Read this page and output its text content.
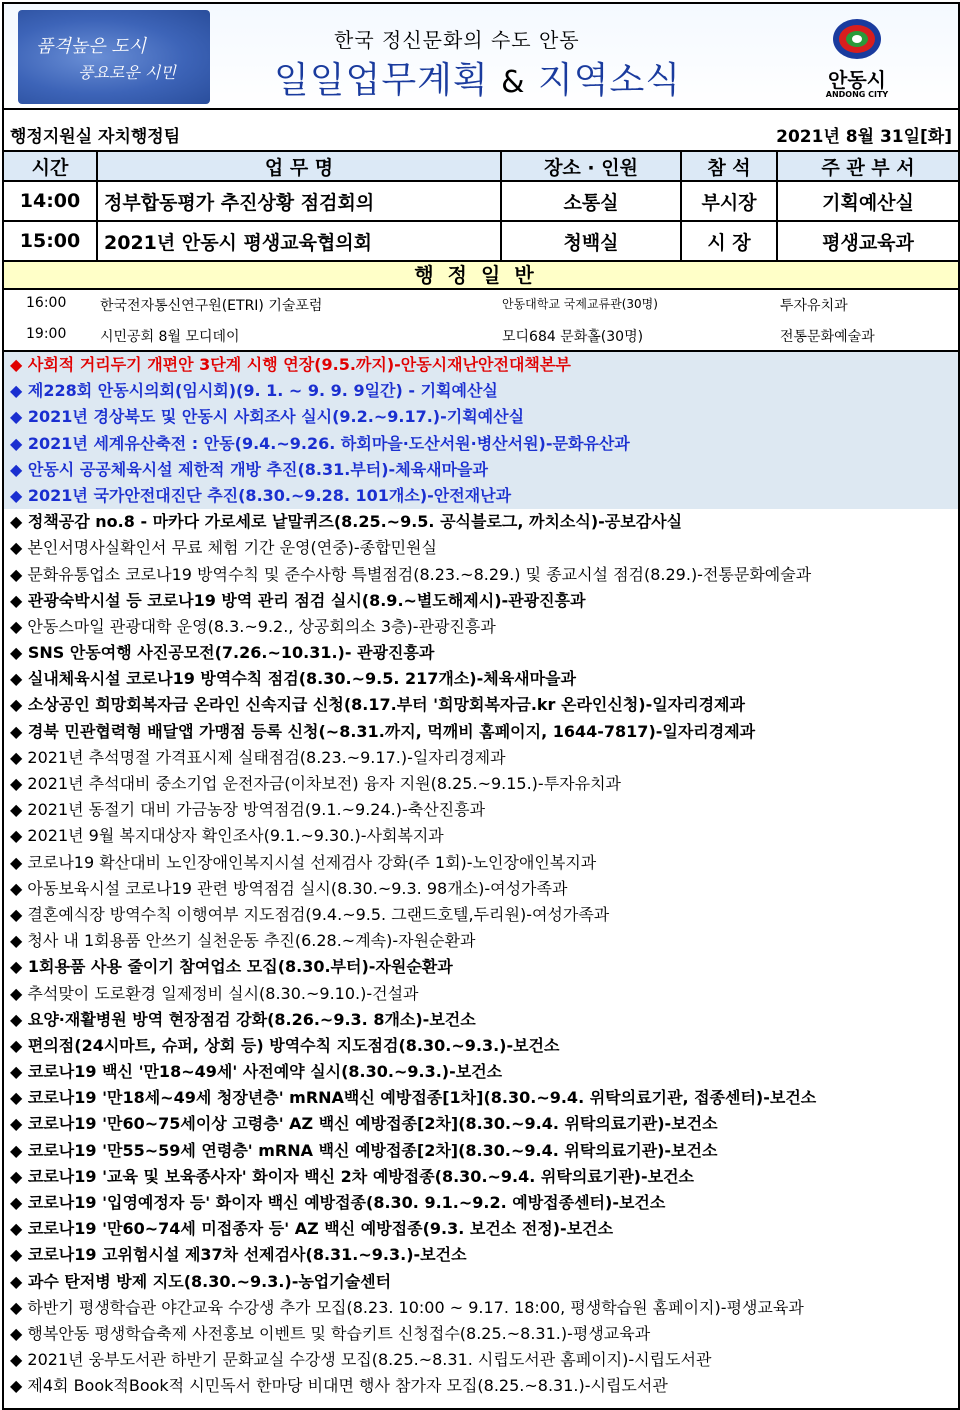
품격높은 도시
풍요로운 시민
한국 정신문화의 수도 안동
일일업무계획 & 지역소식	안동시
ANDONG CITY
행정지원실 자치행정팀	2021년 8월 31일[화]
시간	업 무 명	장소 · 인원	참 석	주 관 부 서
14:00	정부합동평가 추진상황 점검회의	소통실	부시장	기획예산실
15:00	2021년 안동시 평생교육협의회	청백실	시 장	평생교육과
행정일반
16:00 한국전자통신연구원(ETRI) 기술포럼	안동대학교 국제교류관(30명)	투자유치과
19:00 시민공회 8월 모디데이	모디684 문화홀(30명)	전통문화예술과
◆ 사회적 거리두기 개편안 3단계 시행 연장(9.5.까지)-안동시재난안전대책본부
◆ 제228회 안동시의회(임시회)(9. 1. ~ 9. 9. 9일간) - 기획예산실
◆ 2021년 경상북도 및 안동시 사회조사 실시(9.2.~9.17.)-기획예산실
◆ 2021년 세계유산축전 : 안동(9.4.~9.26. 하회마을·도산서원·병산서원)-문화유산과
◆ 안동시 공공체육시설 제한적 개방 추진(8.31.부터)-체육새마을과
◆ 2021년 국가안전대진단 추진(8.30.~9.28. 101개소)-안전재난과
◆ 정책공감 no.8 - 마카다 가로세로 낱말퀴즈(8.25.~9.5. 공식블로그, 까치소식)-공보감사실
◆ 본인서명사실확인서 무료 체험 기간 운영(연중)-종합민원실
◆ 문화유통업소 코로나19 방역수칙 및 준수사항 특별점검(8.23.~8.29.) 및 종교시설 점검(8.29.)-전통문화예술과
◆ 관광숙박시설 등 코로나19 방역 관리 점검 실시(8.9.~별도해제시)-관광진흥과
◆ 안동스마일 관광대학 운영(8.3.~9.2., 상공회의소 3층)-관광진흥과
◆ SNS 안동여행 사진공모전(7.26.~10.31.)- 관광진흥과
◆ 실내체육시설 코로나19 방역수칙 점검(8.30.~9.5. 217개소)-체육새마을과
◆ 소상공인 희망회복자금 온라인 신속지급 신청(8.17.부터 '희망회복자금.kr 온라인신청)-일자리경제과
◆ 경북 민관협력형 배달앱 가맹점 등록 신청(~8.31.까지, 먹깨비 홈페이지, 1644-7817)-일자리경제과
◆ 2021년 추석명절 가격표시제 실태점검(8.23.~9.17.)-일자리경제과
◆ 2021년 추석대비 중소기업 운전자금(이차보전) 융자 지원(8.25.~9.15.)-투자유치과
◆ 2021년 동절기 대비 가금농장 방역점검(9.1.~9.24.)-축산진흥과
◆ 2021년 9월 복지대상자 확인조사(9.1.~9.30.)-사회복지과
◆ 코로나19 확산대비 노인장애인복지시설 선제검사 강화(주 1회)-노인장애인복지과
◆ 아동보육시설 코로나19 관련 방역점검 실시(8.30.~9.3. 98개소)-여성가족과
◆ 결혼예식장 방역수칙 이행여부 지도점검(9.4.~9.5. 그랜드호텔,두리원)-여성가족과
◆ 청사 내 1회용품 안쓰기 실천운동 추진(6.28.~계속)-자원순환과
◆ 1회용품 사용 줄이기 참여업소 모집(8.30.부터)-자원순환과
◆ 추석맞이 도로환경 일제정비 실시(8.30.~9.10.)-건설과
◆ 요양·재활병원 방역 현장점검 강화(8.26.~9.3. 8개소)-보건소
◆ 편의점(24시마트, 슈퍼, 상회 등) 방역수칙 지도점검(8.30.~9.3.)-보건소
◆ 코로나19 백신 '만18~49세' 사전예약 실시(8.30.~9.3.)-보건소
◆ 코로나19 '만18세~49세 청장년층' mRNA백신 예방접종[1차](8.30.~9.4. 위탁의료기관, 접종센터)-보건소
◆ 코로나19 '만60~75세이상 고령층' AZ 백신 예방접종[2차](8.30.~9.4. 위탁의료기관)-보건소
◆ 코로나19 '만55~59세 연령층' mRNA 백신 예방접종[2차](8.30.~9.4. 위탁의료기관)-보건소
◆ 코로나19 '교육 및 보육종사자' 화이자 백신 2차 예방접종(8.30.~9.4. 위탁의료기관)-보건소
◆ 코로나19 '입영예정자 등' 화이자 백신 예방접종(8.30. 9.1.~9.2. 예방접종센터)-보건소
◆ 코로나19 '만60~74세 미접종자 등' AZ 백신 예방접종(9.3. 보건소 전정)-보건소
◆ 코로나19 고위험시설 제37차 선제검사(8.31.~9.3.)-보건소
◆ 과수 탄저병 방제 지도(8.30.~9.3.)-농업기술센터
◆ 하반기 평생학습관 야간교육 수강생 추가 모집(8.23. 10:00 ~ 9.17. 18:00, 평생학습원 홈페이지)-평생교육과
◆ 행복안동 평생학습축제 사전홍보 이벤트 및 학습키트 신청접수(8.25.~8.31.)-평생교육과
◆ 2021년 웅부도서관 하반기 문화교실 수강생 모집(8.25.~8.31. 시립도서관 홈페이지)-시립도서관
◆ 제4회 Book적Book적 시민독서 한마당 비대면 행사 참가자 모집(8.25.~8.31.)-시립도서관
